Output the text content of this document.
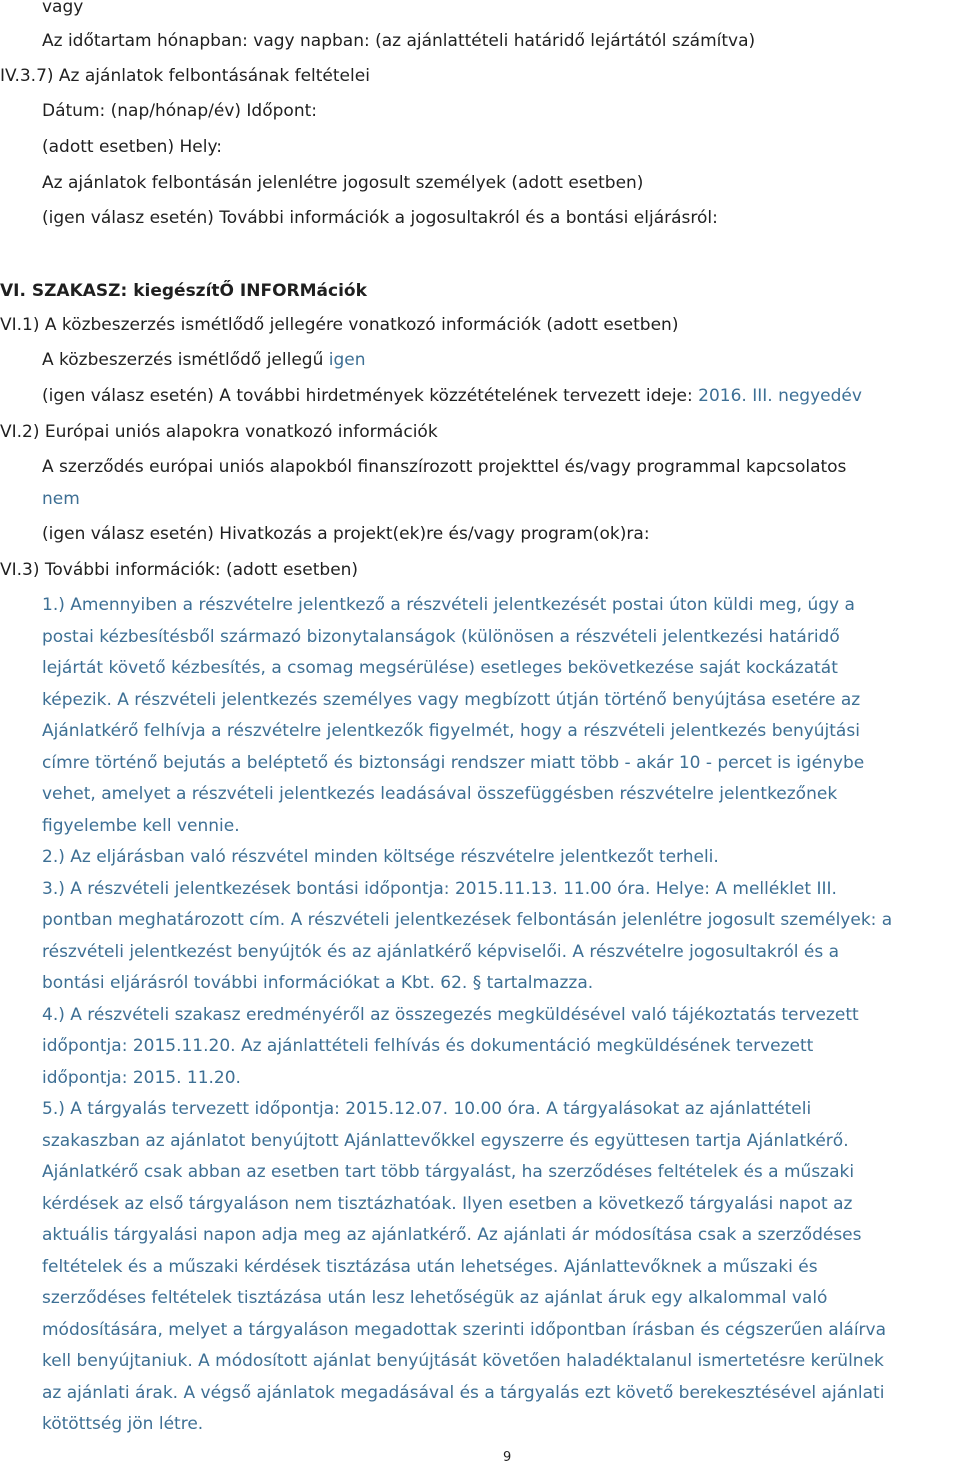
vagy
Az időtartam hónapban: vagy napban: (az ajánlattételi határidő lejártától számítva)
IV.3.7) Az ajánlatok felbontásának feltételei
Dátum: (nap/hónap/év) Időpont:
(adott esetben) Hely:
Az ajánlatok felbontásán jelenlétre jogosult személyek (adott esetben)
(igen válasz esetén) További információk a jogosultakról és a bontási eljárásról:
VI. SZAKASZ: kiegészítŐ INFORMációk
VI.1) A közbeszerzés ismétlődő jellegére vonatkozó információk (adott esetben)
A közbeszerzés ismétlődő jellegű igen
(igen válasz esetén) A további hirdetmények közzétételének tervezett ideje: 2016. III. negyedév
VI.2) Európai uniós alapokra vonatkozó információk
A szerződés európai uniós alapokból finanszírozott projekttel és/vagy programmal kapcsolatos
nem
(igen válasz esetén) Hivatkozás a projekt(ek)re és/vagy program(ok)ra:
VI.3) További információk: (adott esetben)
1.) Amennyiben a részvételre jelentkező a részvételi jelentkezését postai úton küldi meg, úgy a
postai kézbesítésből származó bizonytalanságok (különösen a részvételi jelentkezési határidő
lejártát követő kézbesítés, a csomag megsérülése) esetleges bekövetkezése saját kockázatát
képezik. A részvételi jelentkezés személyes vagy megbízott útján történő benyújtása esetére az
Ajánlatkérő felhívja a részvételre jelentkezők figyelmét, hogy a részvételi jelentkezés benyújtási
címre történő bejutás a beléptető és biztonsági rendszer miatt több - akár 10 - percet is igénybe
vehet, amelyet a részvételi jelentkezés leadásával összefüggésben részvételre jelentkezőnek
figyelembe kell vennie.
2.) Az eljárásban való részvétel minden költsége részvételre jelentkezőt terheli.
3.) A részvételi jelentkezések bontási időpontja: 2015.11.13. 11.00 óra. Helye: A melléklet III.
pontban meghatározott cím. A részvételi jelentkezések felbontásán jelenlétre jogosult személyek: a
részvételi jelentkezést benyújtók és az ajánlatkérő képviselői. A részvételre jogosultakról és a
bontási eljárásról további információkat a Kbt. 62. § tartalmazza.
4.) A részvételi szakasz eredményéről az összegezés megküldésével való tájékoztatás tervezett
időpontja: 2015.11.20. Az ajánlattételi felhívás és dokumentáció megküldésének tervezett
időpontja: 2015. 11.20.
5.) A tárgyalás tervezett időpontja: 2015.12.07. 10.00 óra. A tárgyalásokat az ajánlattételi
szakaszban az ajánlatot benyújtott Ajánlattevőkkel egyszerre és együttesen tartja Ajánlatkérő.
Ajánlatkérő csak abban az esetben tart több tárgyalást, ha szerződéses feltételek és a műszaki
kérdések az első tárgyaláson nem tisztázhatóak. Ilyen esetben a következő tárgyalási napot az
aktuális tárgyalási napon adja meg az ajánlatkérő. Az ajánlati ár módosítása csak a szerződéses
feltételek és a műszaki kérdések tisztázása után lehetséges. Ajánlattevőknek a műszaki és
szerződéses feltételek tisztázása után lesz lehetőségük az ajánlat áruk egy alkalommal való
módosítására, melyet a tárgyaláson megadottak szerinti időpontban írásban és cégszerűen aláírva
kell benyújtaniuk. A módosított ajánlat benyújtását követően haladéktalanul ismertetésre kerülnek
az ajánlati árak. A végső ajánlatok megadásával és a tárgyalás ezt követő berekesztésével ajánlati
kötöttség jön létre.
9
